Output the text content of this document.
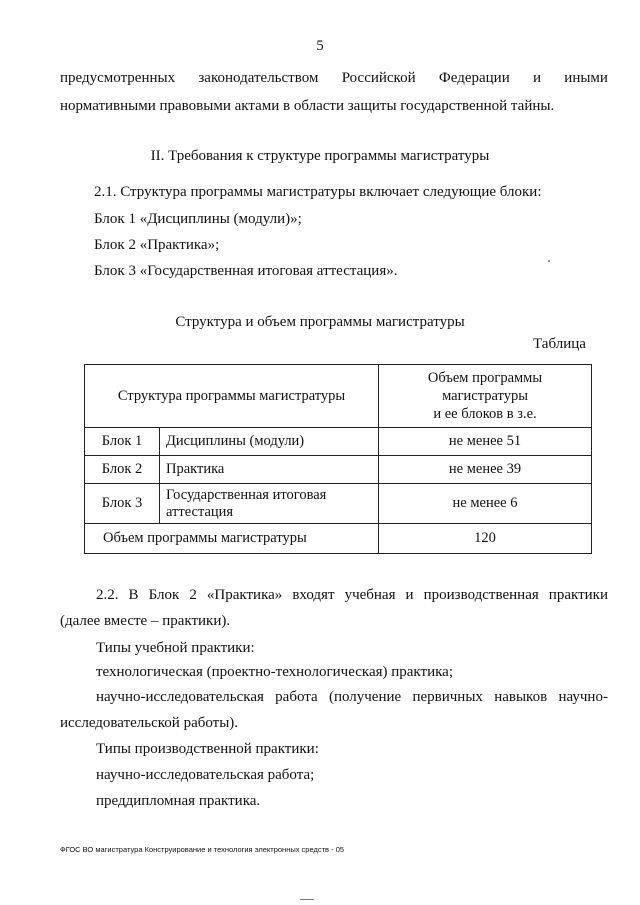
5
предусмотренных законодательством Российской Федерации и иными
нормативными правовыми актами в области защиты государственной тайны.
II. Требования к структуре программы магистратуры
2.1. Структура программы магистратуры включает следующие блоки:
Блок 1 «Дисциплины (модули)»;
Блок 2 «Практика»;
Блок 3 «Государственная итоговая аттестация».
Структура и объем программы магистратуры
Таблица
Структура программы магистратуры		Объем программы
магистратуры
и ее блоков в з.е.

Блок 1	Дисциплины (модули)	не менее 51
Блок 2	Практика	не менее 39
Блок 3	Государственная итоговая аттестация	не менее 6
Объем программы магистратуры		120
2.2. В Блок 2 «Практика» входят учебная и производственная практики
(далее вместе – практики).
Типы учебной практики:
технологическая (проектно-технологическая) практика;
научно-исследовательская работа (получение первичных навыков научно-
исследовательской работы).
Типы производственной практики:
научно-исследовательская работа;
преддипломная практика.
ФГОС ВО магистратура Конструирование и технология электронных средств - 05
